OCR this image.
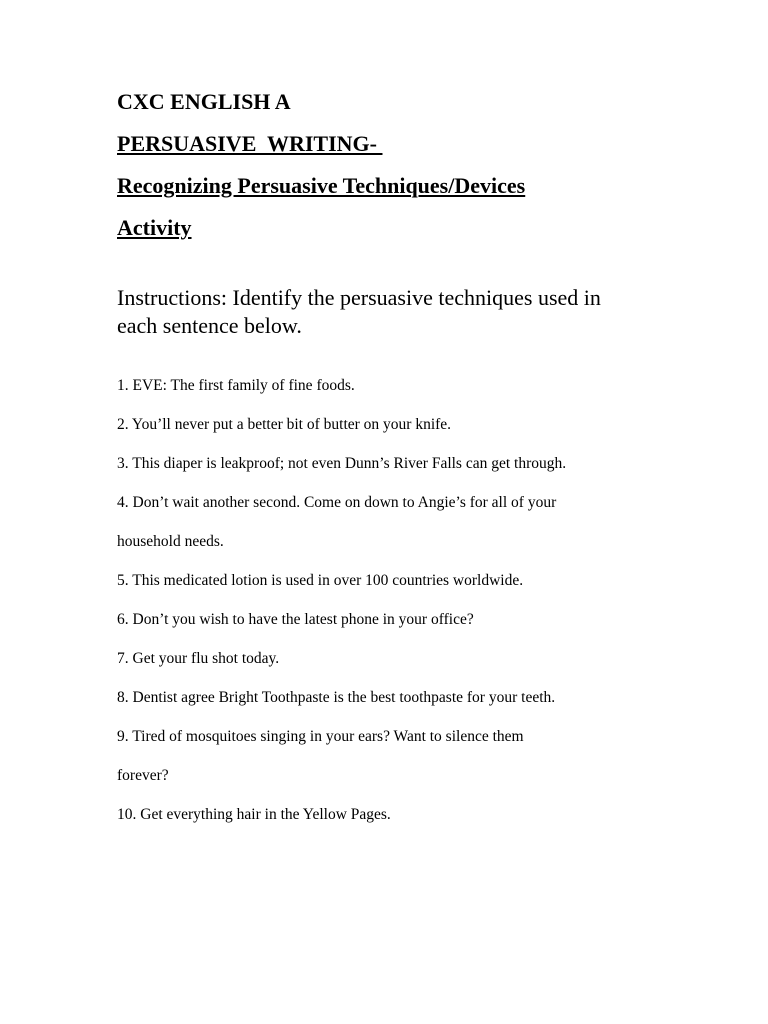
CXC ENGLISH A
PERSUASIVE  WRITING-
Recognizing Persuasive Techniques/Devices
Activity

Instructions: Identify the persuasive techniques used in each sentence below.

1. EVE: The first family of fine foods.
2. You’ll never put a better bit of butter on your knife.
3. This diaper is leakproof; not even Dunn’s River Falls can get through.
4. Don’t wait another second. Come on down to Angie’s for all of your
household needs.
5. This medicated lotion is used in over 100 countries worldwide.
6. Don’t you wish to have the latest phone in your office?
7. Get your flu shot today.
8. Dentist agree Bright Toothpaste is the best toothpaste for your teeth.
9. Tired of mosquitoes singing in your ears? Want to silence them
forever?
10. Get everything hair in the Yellow Pages.
